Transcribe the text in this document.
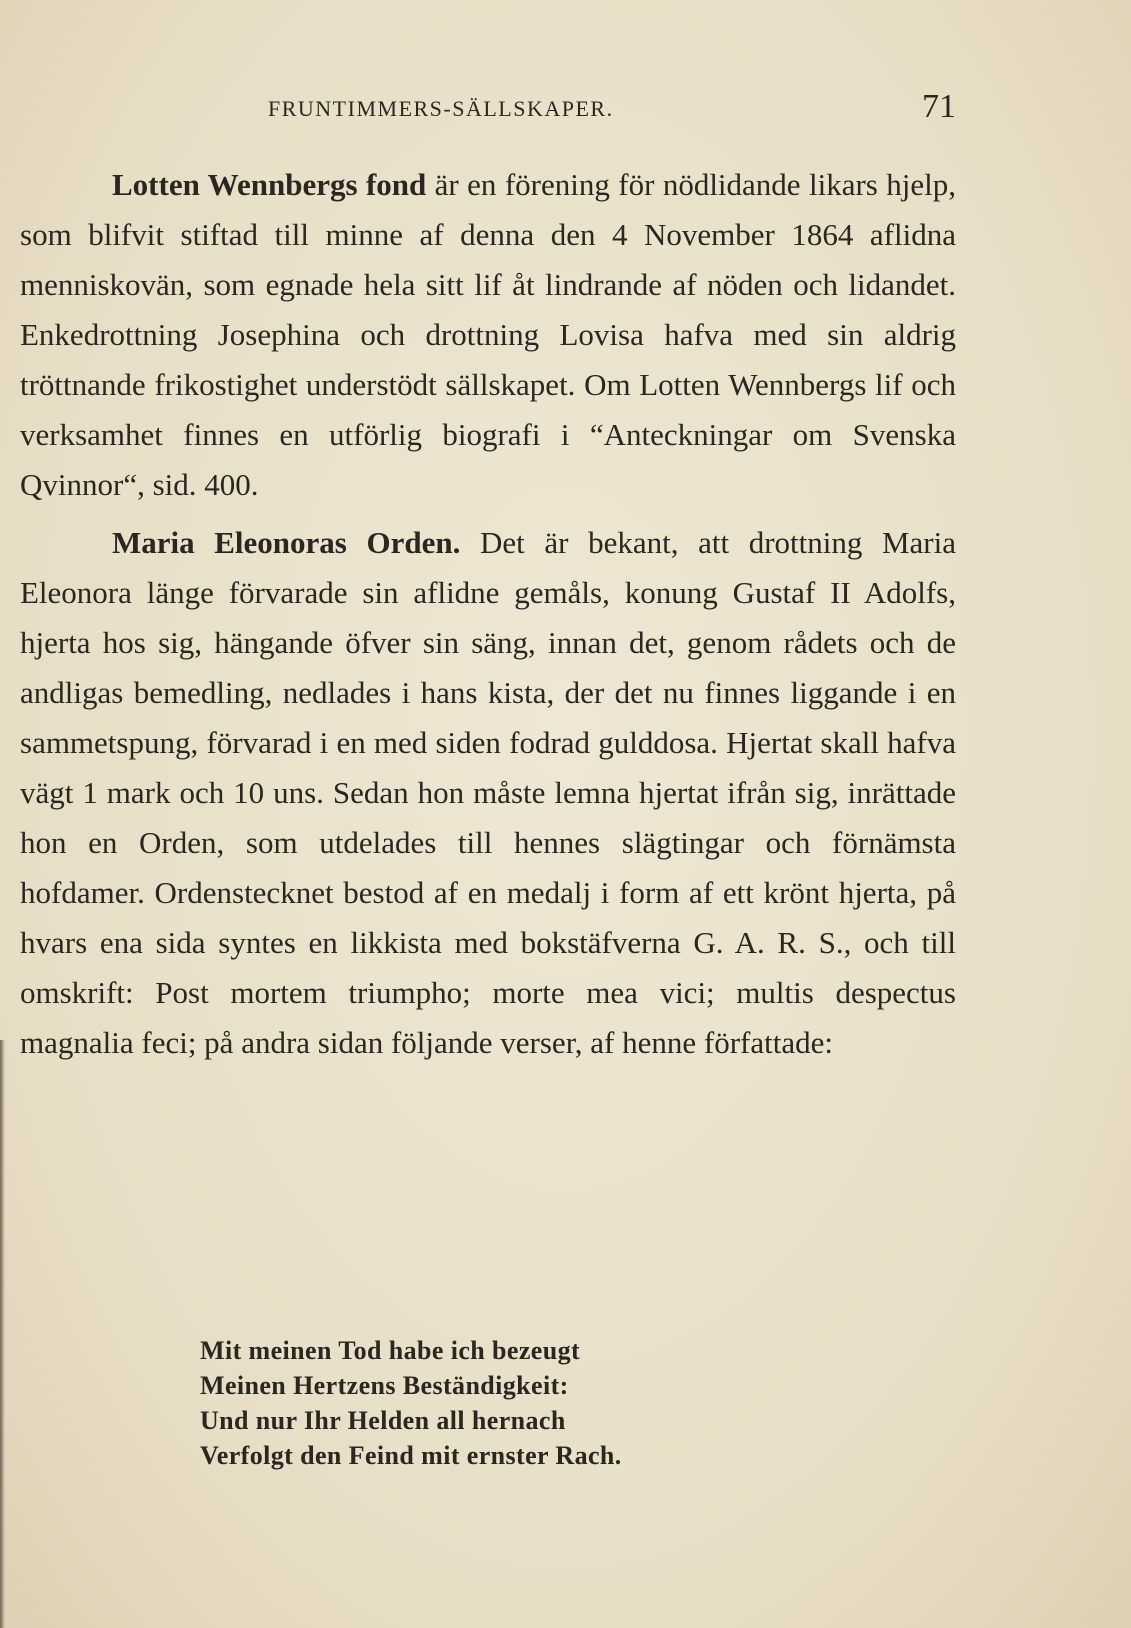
FRUNTIMMERS-SÄLLSKAPER.	71

Lotten Wennbergs fond är en förening för nödlidande likars hjelp, som blifvit stiftad till minne af denna den 4 November 1864 aflidna menniskovän, som egnade hela sitt lif åt lindrande af nöden och lidandet. Enkedrottning Josephina och drottning Lovisa hafva med sin aldrig tröttnande frikostighet understödt sällskapet. Om Lotten Wennbergs lif och verksamhet finnes en utförlig biografi i “Anteckningar om Svenska Qvinnor“, sid. 400.

Maria Eleonoras Orden. Det är bekant, att drottning Maria Eleonora länge förvarade sin aflidne gemåls, konung Gustaf II Adolfs, hjerta hos sig, hängande öfver sin säng, innan det, genom rådets och de andligas bemedling, nedlades i hans kista, der det nu finnes liggande i en sammetspung, förvarad i en med siden fodrad gulddosa. Hjertat skall hafva vägt 1 mark och 10 uns. Sedan hon måste lemna hjertat ifrån sig, inrättade hon en Orden, som utdelades till hennes slägtingar och förnämsta hofdamer. Ordenstecknet bestod af en medalj i form af ett krönt hjerta, på hvars ena sida syntes en likkista med bokstäfverna G. A. R. S., och till omskrift: Post mortem triumpho; morte mea vici; multis despectus magnalia feci; på andra sidan följande verser, af henne författade:

Mit meinen Tod habe ich bezeugt
Meinen Hertzens Beständigkeit:
Und nur Ihr Helden all hernach
Verfolgt den Feind mit ernster Rach.
